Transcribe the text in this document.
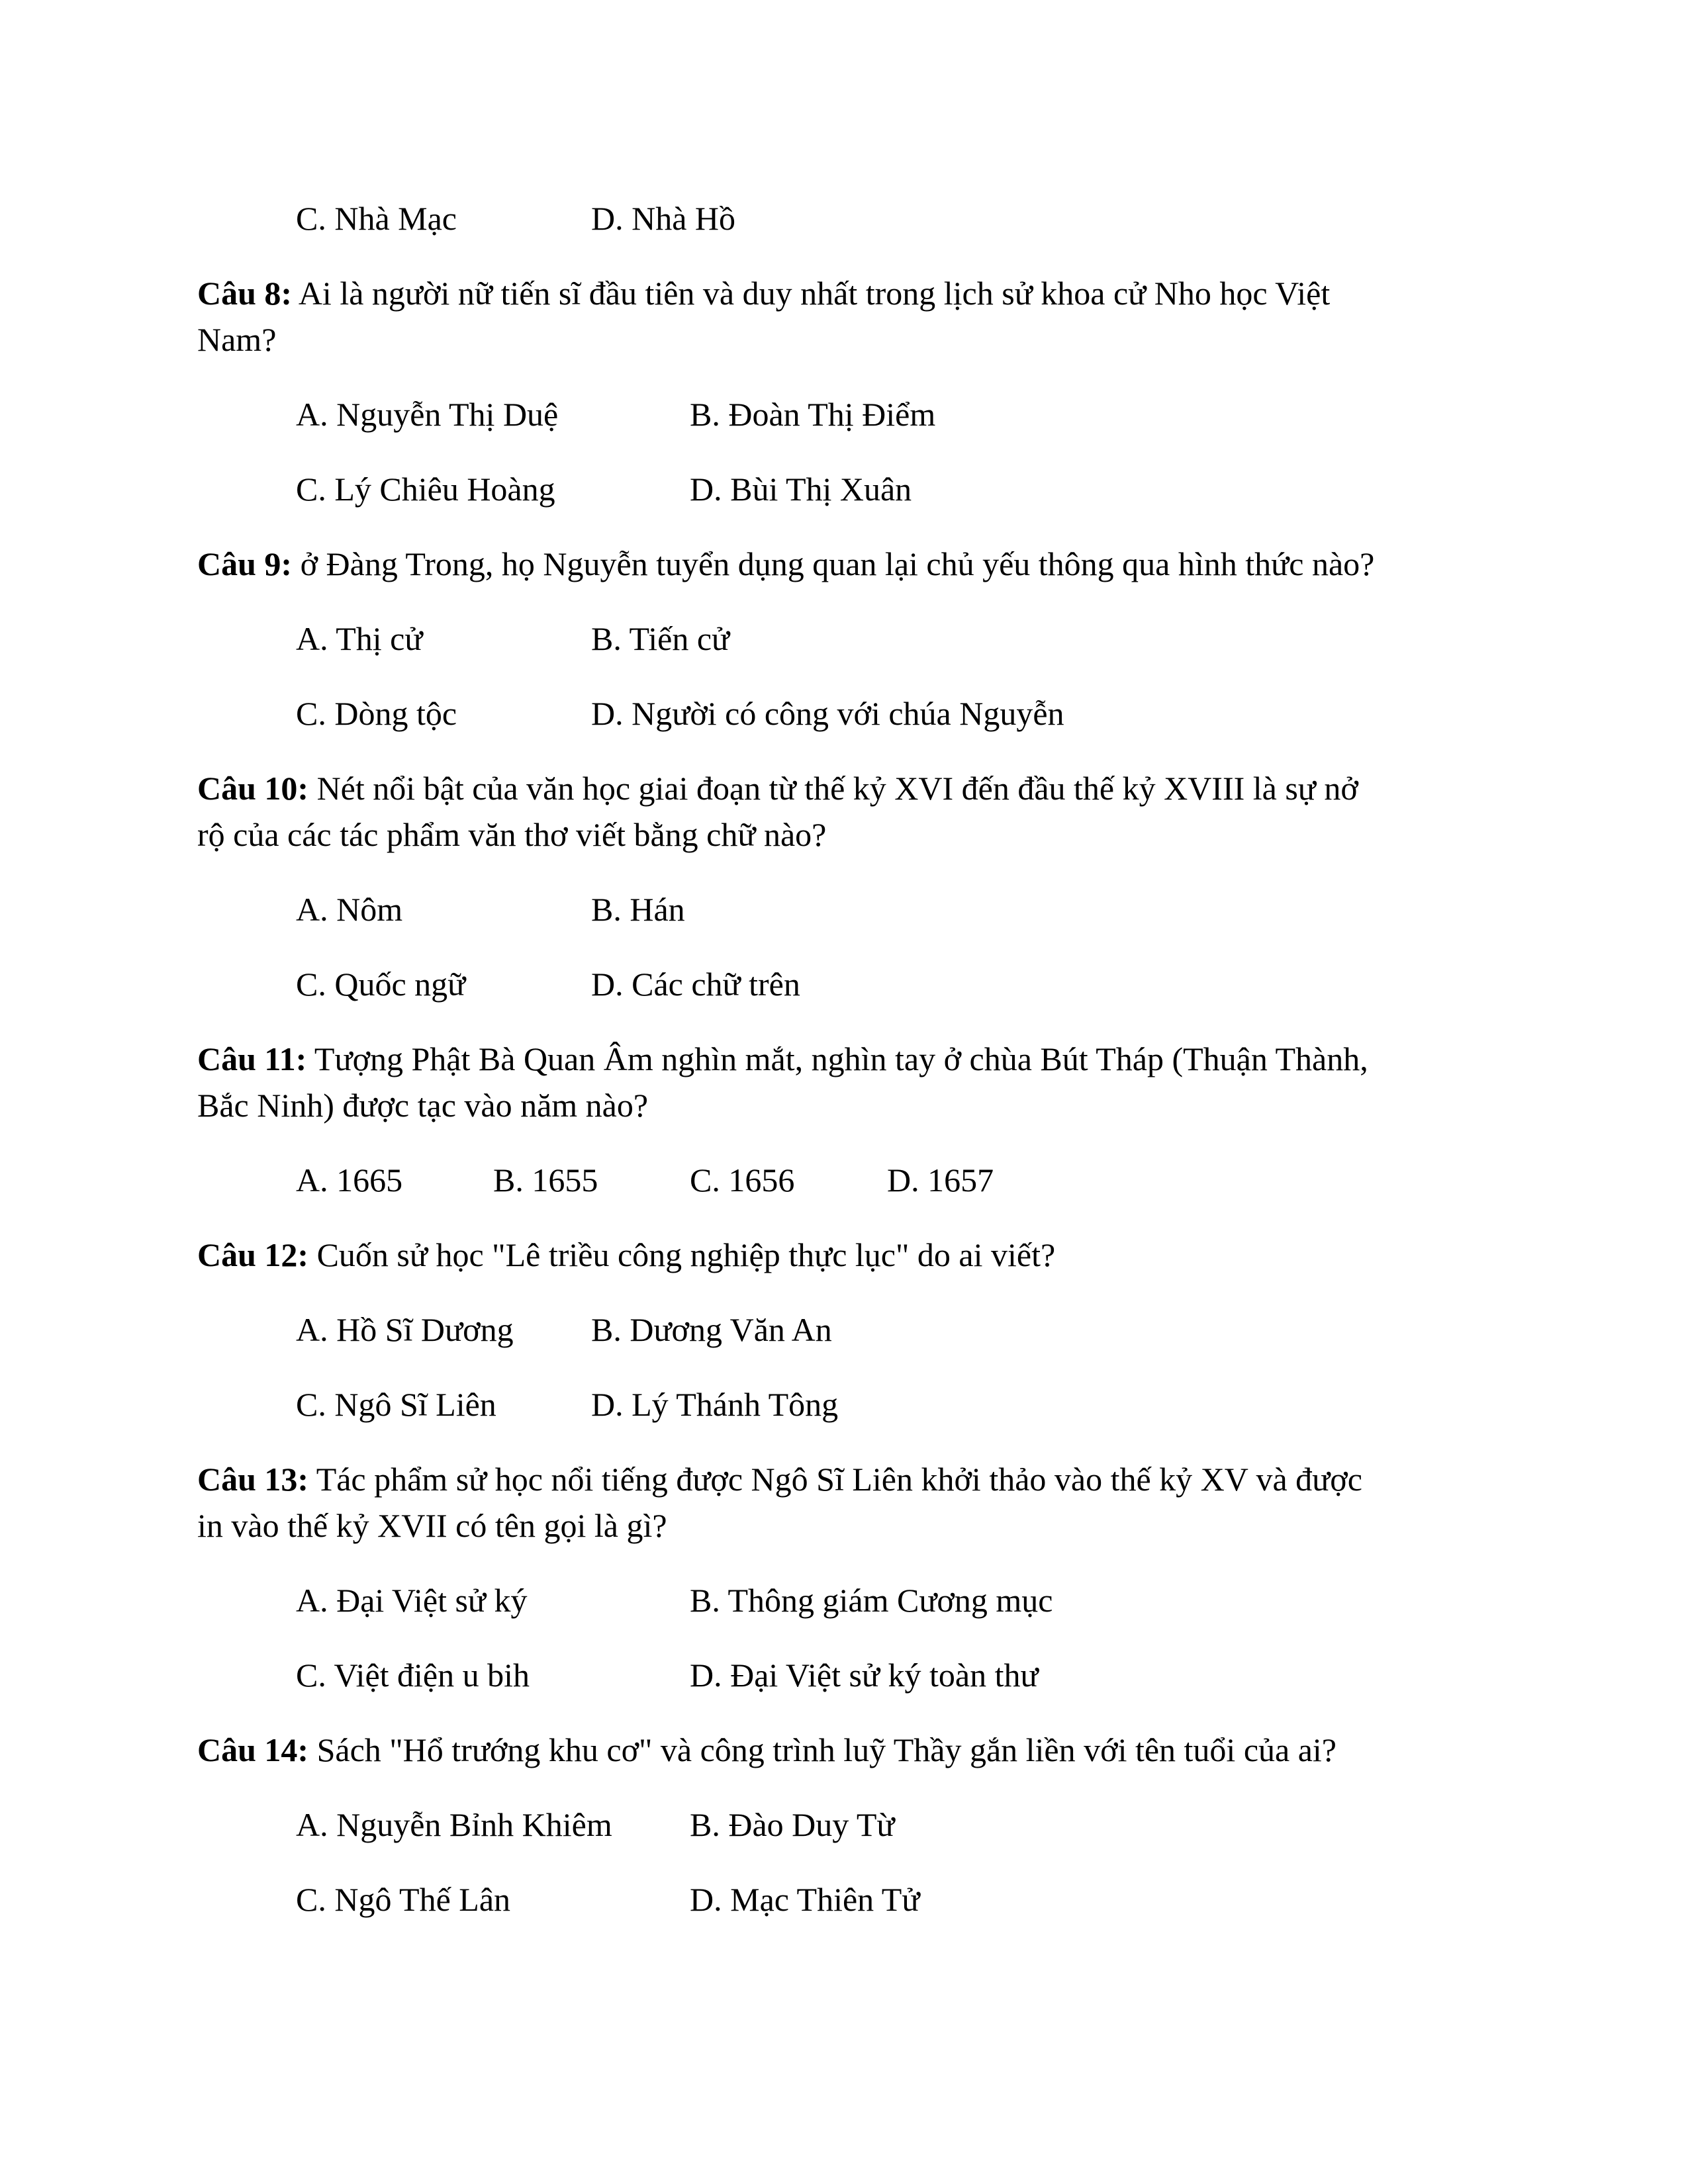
C. Nhà Mạc	D. Nhà Hồ
Câu 8: Ai là người nữ tiến sĩ đầu tiên và duy nhất trong lịch sử khoa cử Nho học Việt
Nam?
A. Nguyễn Thị Duệ	B. Đoàn Thị Điểm
C. Lý Chiêu Hoàng	D. Bùi Thị Xuân
Câu 9: ở Đàng Trong, họ Nguyễn tuyển dụng quan lại chủ yếu thông qua hình thức nào?
A. Thị cử	B. Tiến cử
C. Dòng tộc	D. Người có công với chúa Nguyễn
Câu 10: Nét nổi bật của văn học giai đoạn từ thế kỷ XVI đến đầu thế kỷ XVIII là sự nở
rộ của các tác phẩm văn thơ viết bằng chữ nào?
A. Nôm	B. Hán
C. Quốc ngữ	D. Các chữ trên
Câu 11: Tượng Phật Bà Quan Âm nghìn mắt, nghìn tay ở chùa Bút Tháp (Thuận Thành,
Bắc Ninh) được tạc vào năm nào?
A. 1665	B. 1655	C. 1656	D. 1657
Câu 12: Cuốn sử học "Lê triều công nghiệp thực lục" do ai viết?
A. Hồ Sĩ Dương B. Dương Văn An
C. Ngô Sĩ Liên	D. Lý Thánh Tông
Câu 13: Tác phẩm sử học nổi tiếng được Ngô Sĩ Liên khởi thảo vào thế kỷ XV và được
in vào thế kỷ XVII có tên gọi là gì?
A. Đại Việt sử ký	B. Thông giám Cương mục
C. Việt điện u bih	D. Đại Việt sử ký toàn thư
Câu 14: Sách "Hổ trướng khu cơ" và công trình luỹ Thầy gắn liền với tên tuổi của ai?
A. Nguyễn Bỉnh Khiêm B. Đào Duy Từ
C. Ngô Thế Lân	D. Mạc Thiên Tử
